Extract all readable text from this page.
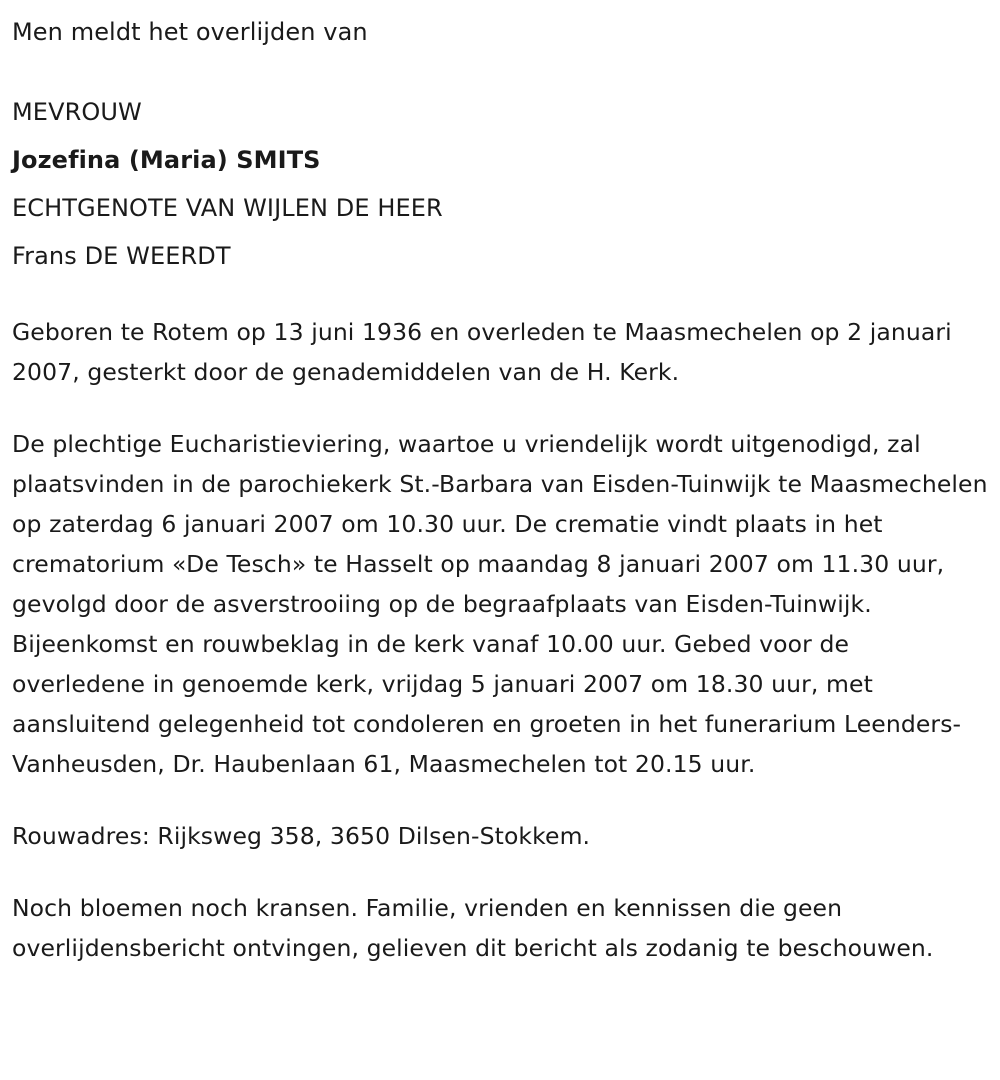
Men meldt het overlijden van

MEVROUW

Jozefina (Maria) SMITS

ECHTGENOTE VAN WIJLEN DE HEER

Frans DE WEERDT

Geboren te Rotem op 13 juni 1936 en overleden te Maasmechelen op 2 januari 2007, gesterkt door de genademiddelen van de H. Kerk.

De plechtige Eucharistieviering, waartoe u vriendelijk wordt uitgenodigd, zal plaatsvinden in de parochiekerk St.-Barbara van Eisden-Tuinwijk te Maasmechelen op zaterdag 6 januari 2007 om 10.30 uur. De crematie vindt plaats in het crematorium «De Tesch» te Hasselt op maandag 8 januari 2007 om 11.30 uur, gevolgd door de asverstrooiing op de begraafplaats van Eisden-Tuinwijk. Bijeenkomst en rouwbeklag in de kerk vanaf 10.00 uur. Gebed voor de overledene in genoemde kerk, vrijdag 5 januari 2007 om 18.30 uur, met aansluitend gelegenheid tot condoleren en groeten in het funerarium Leenders-Vanheusden, Dr. Haubenlaan 61, Maasmechelen tot 20.15 uur.

Rouwadres: Rijksweg 358, 3650 Dilsen-Stokkem.

Noch bloemen noch kransen. Familie, vrienden en kennissen die geen overlijdensbericht ontvingen, gelieven dit bericht als zodanig te beschouwen.
